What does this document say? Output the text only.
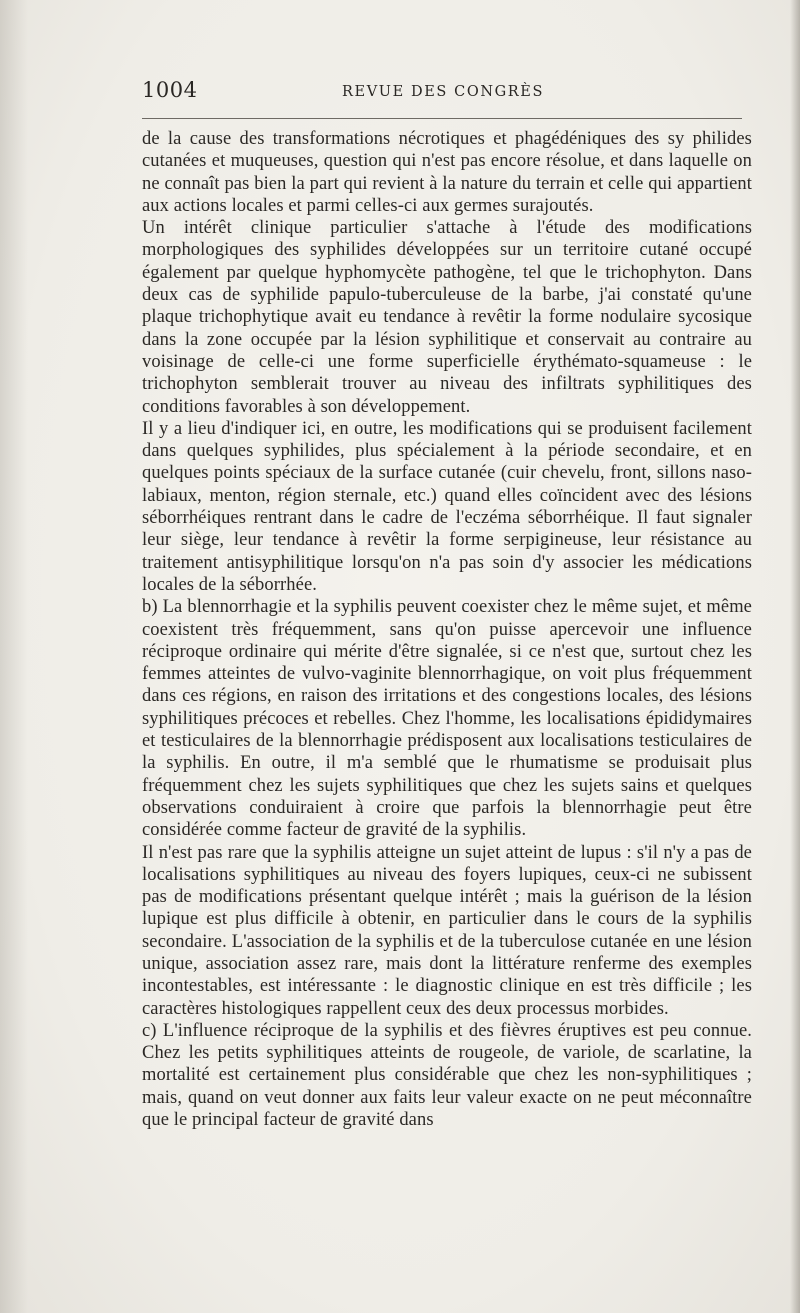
1004	REVUE DES CONGRÈS

de la cause des transformations nécrotiques et phagédéniques des sy philides cutanées et muqueuses, question qui n'est pas encore résolue, et dans laquelle on ne connaît pas bien la part qui revient à la nature du terrain et celle qui appartient aux actions locales et parmi celles-ci aux germes surajoutés.

Un intérêt clinique particulier s'attache à l'étude des modifications morphologiques des syphilides développées sur un territoire cutané occupé également par quelque hyphomycète pathogène, tel que le trichophyton. Dans deux cas de syphilide papulo-tuberculeuse de la barbe, j'ai constaté qu'une plaque trichophytique avait eu tendance à revêtir la forme nodulaire sycosique dans la zone occupée par la lésion syphilitique et conservait au contraire au voisinage de celle-ci une forme superficielle érythémato-squameuse : le trichophyton semblerait trouver au niveau des infiltrats syphilitiques des conditions favorables à son développement.

Il y a lieu d'indiquer ici, en outre, les modifications qui se produisent facilement dans quelques syphilides, plus spécialement à la période secondaire, et en quelques points spéciaux de la surface cutanée (cuir chevelu, front, sillons naso-labiaux, menton, région sternale, etc.) quand elles coïncident avec des lésions séborrhéiques rentrant dans le cadre de l'eczéma séborrhéique. Il faut signaler leur siège, leur tendance à revêtir la forme serpigineuse, leur résistance au traitement antisyphilitique lorsqu'on n'a pas soin d'y associer les médications locales de la séborrhée.

b) La blennorrhagie et la syphilis peuvent coexister chez le même sujet, et même coexistent très fréquemment, sans qu'on puisse apercevoir une influence réciproque ordinaire qui mérite d'être signalée, si ce n'est que, surtout chez les femmes atteintes de vulvo-vaginite blennorrhagique, on voit plus fréquemment dans ces régions, en raison des irritations et des congestions locales, des lésions syphilitiques précoces et rebelles. Chez l'homme, les localisations épididymaires et testiculaires de la blennorrhagie prédisposent aux localisations testiculaires de la syphilis. En outre, il m'a semblé que le rhumatisme se produisait plus fréquemment chez les sujets syphilitiques que chez les sujets sains et quelques observations conduiraient à croire que parfois la blennorrhagie peut être considérée comme facteur de gravité de la syphilis.

Il n'est pas rare que la syphilis atteigne un sujet atteint de lupus : s'il n'y a pas de localisations syphilitiques au niveau des foyers lupiques, ceux-ci ne subissent pas de modifications présentant quelque intérêt ; mais la guérison de la lésion lupique est plus difficile à obtenir, en particulier dans le cours de la syphilis secondaire. L'association de la syphilis et de la tuberculose cutanée en une lésion unique, association assez rare, mais dont la littérature renferme des exemples incontestables, est intéressante : le diagnostic clinique en est très difficile ; les caractères histologiques rappellent ceux des deux processus morbides.

c) L'influence réciproque de la syphilis et des fièvres éruptives est peu connue. Chez les petits syphilitiques atteints de rougeole, de variole, de scarlatine, la mortalité est certainement plus considérable que chez les non-syphilitiques ; mais, quand on veut donner aux faits leur valeur exacte on ne peut méconnaître que le principal facteur de gravité dans
